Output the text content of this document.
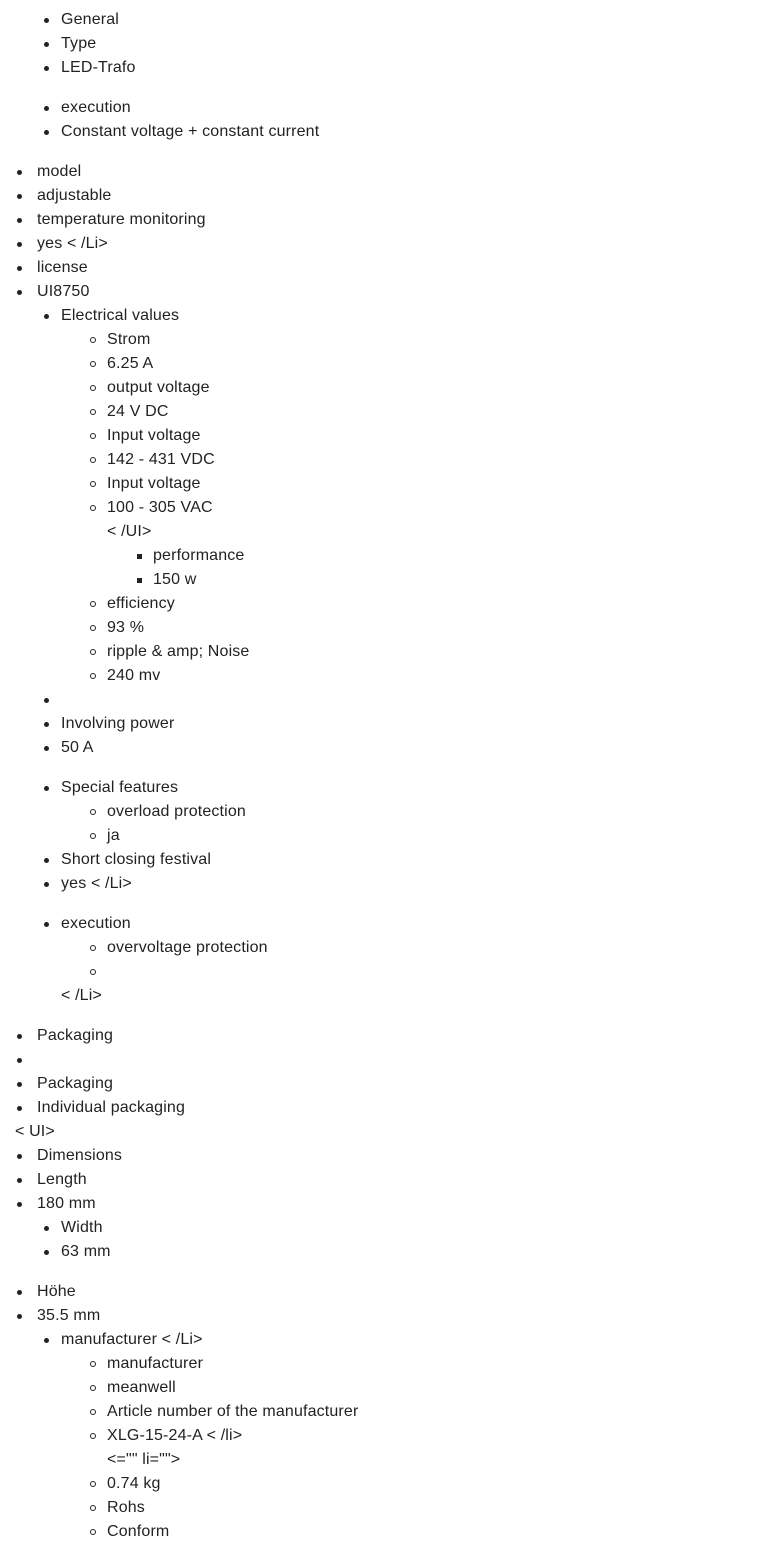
General
Type
LED-Trafo
execution
Constant voltage + constant current
model
adjustable
temperature monitoring
yes < /Li>
license
UI8750
Electrical values
Strom
6.25 A
output voltage
24 V DC
Input voltage
142 - 431 VDC
Input voltage
100 - 305 VAC
< /UI>
performance
150 w
efficiency
93 %
ripple & amp; Noise
240 mv
Involving power
50 A
Special features
overload protection
ja
Short closing festival
yes < /Li>
execution
overvoltage protection
< /Li>
Packaging
Packaging
Individual packaging
< UI>
Dimensions
Length
180 mm
Width
63 mm
Höhe
35.5 mm
manufacturer < /Li>
manufacturer
meanwell
Article number of the manufacturer
XLG-15-24-A < /li>
<="" li="">
0.74 kg
Rohs
Conform
